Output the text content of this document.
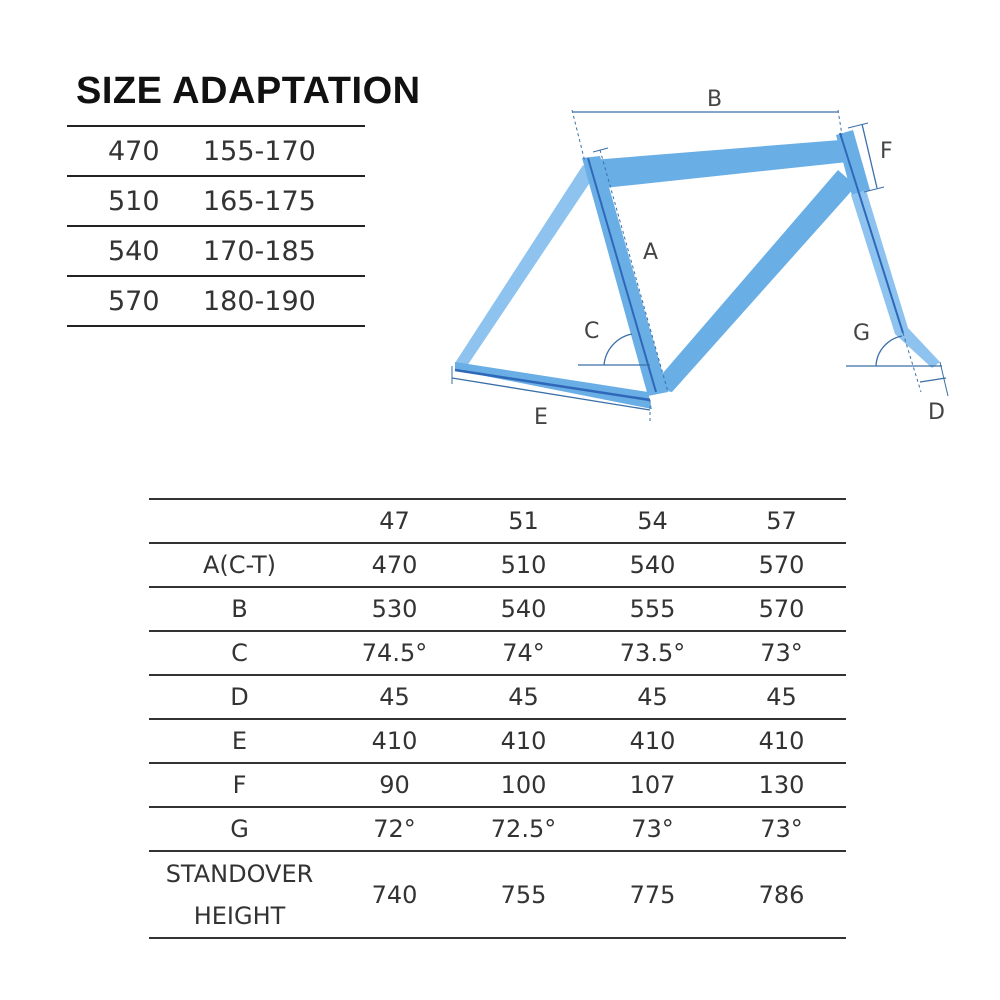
SIZE ADAPTATION
470 155-170
510 165-175
540 170-185
570 180-190
B
A
C
E
F
G
D
	47	51	54	57
A(C-T)	470	510	540	570
B	530	540	555	570
C	74.5°	74°	73.5°	73°
D	45	45	45	45
E	410	410	410	410
F	90	100	107	130
G	72°	72.5°	73°	73°
STANDOVER HEIGHT	740	755	775	786
